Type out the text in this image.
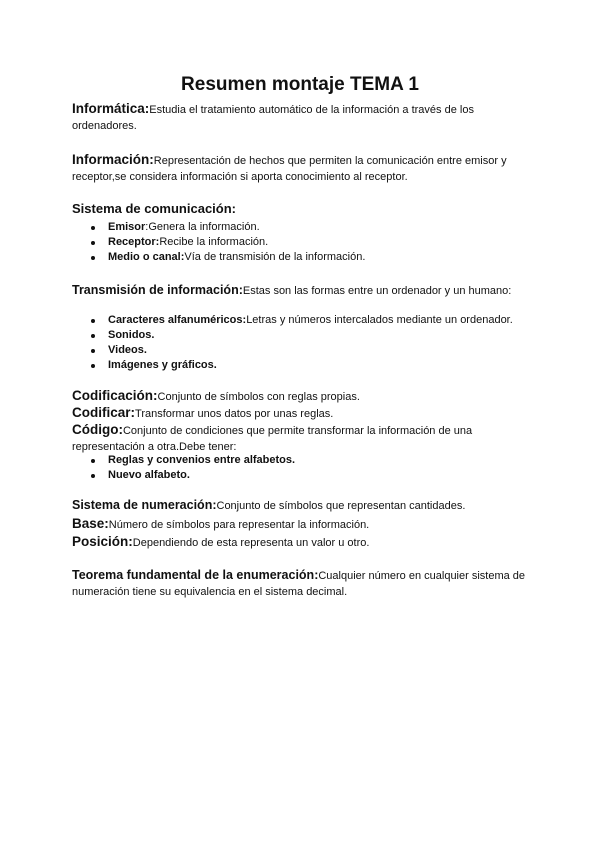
Resumen montaje TEMA 1
Informática:Estudia el tratamiento automático de la información a través de los ordenadores.
Información:Representación de hechos que permiten la comunicación entre emisor y receptor,se considera información si aporta conocimiento al receptor.
Sistema de comunicación:
Emisor:Genera la información.
Receptor:Recibe la información.
Medio o canal:Vía de transmisión de la información.
Transmisión de información:Estas son las formas entre un ordenador y un humano:
Caracteres alfanuméricos:Letras y números intercalados mediante un ordenador.
Sonidos.
Videos.
Imágenes y gráficos.
Codificación:Conjunto de símbolos con reglas propias.
Codificar:Transformar unos datos por unas reglas.
Código:Conjunto de condiciones que permite transformar la información de una representación a otra.Debe tener:
Reglas y convenios entre alfabetos.
Nuevo alfabeto.
Sistema de numeración:Conjunto de símbolos que representan cantidades.
Base:Número de símbolos para representar la información.
Posición:Dependiendo de esta representa un valor u otro.
Teorema fundamental de la enumeración:Cualquier número en cualquier sistema de numeración tiene su equivalencia en el sistema decimal.
